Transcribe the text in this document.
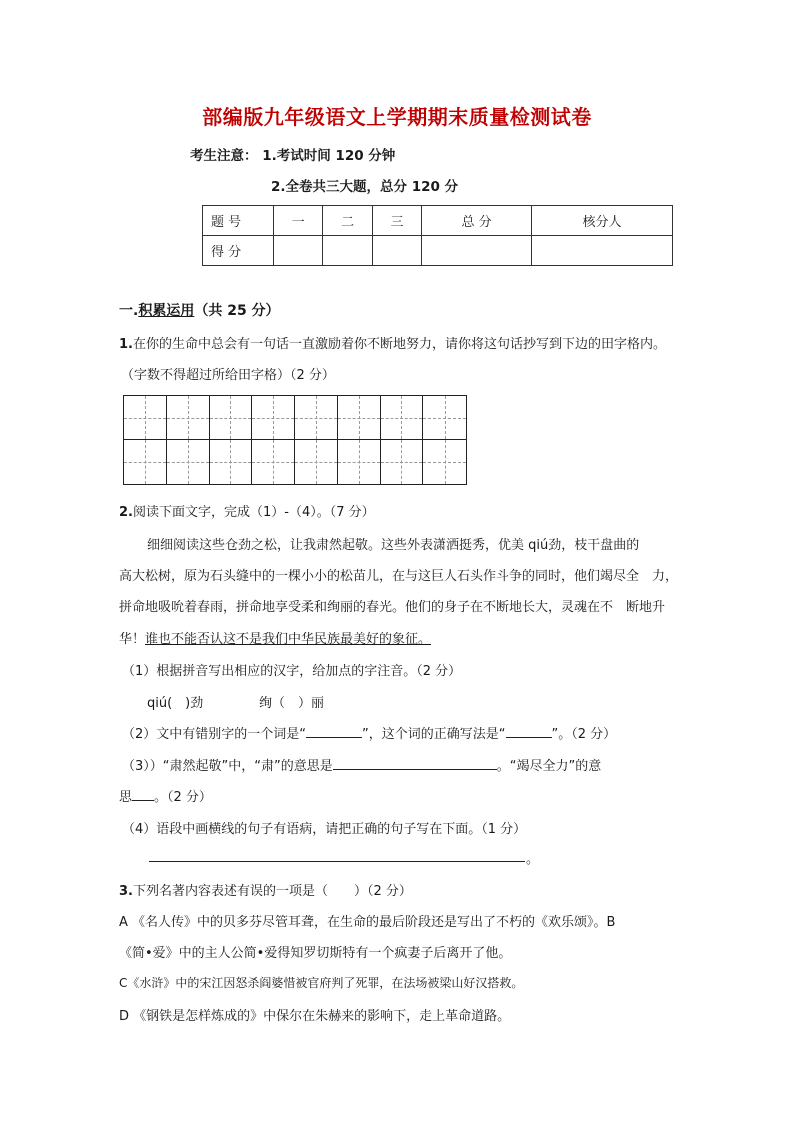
部编版九年级语文上学期期末质量检测试卷
考生注意： 1.考试时间 120 分钟
2.全卷共三大题，总分 120 分
题 号	一	二	三	总 分	核分人
得 分					
一.积累运用（共 25 分）
1.在你的生命中总会有一句话一直激励着你不断地努力，请你将这句话抄写到下边的田字格内。
（字数不得超过所给田字格）（2 分）
2.阅读下面文字，完成（1）-（4）。（7 分）
细细阅读这些仓劲之松，让我肃然起敬。这些外表潇洒挺秀，优美 qiú劲，枝干盘曲的
高大松树，原为石头缝中的一棵小小的松苗儿，在与这巨人石头作斗争的同时，他们竭尽全　力，
拼命地吸吮着春雨，拼命地享受柔和绚丽的春光。他们的身子在不断地长大，灵魂在不　断地升
华！谁也不能否认这不是我们中华民族最美好的象征。
（1）根据拼音写出相应的汉字，给加点的字注音。（2 分）
qiú(　)劲	绚（　）丽
（2）文中有错别字的一个词是“	”，这个词的正确写法是“	”。（2 分）
（3））“肃然起敬”中，“肃”的意思是	。“竭尽全力”的意
思 。（2 分）
（4）语段中画横线的句子有语病，请把正确的句子写在下面。（1 分）
。
3.下列名著内容表述有误的一项是（　　）（2 分）
A 《名人传》中的贝多芬尽管耳聋，在生命的最后阶段还是写出了不朽的《欢乐颂》。B
《简•爱》中的主人公简•爱得知罗切斯特有一个疯妻子后离开了他。
C《水浒》中的宋江因怒杀阎婆惜被官府判了死罪，在法场被梁山好汉搭救。
D 《钢铁是怎样炼成的》中保尔在朱赫来的影响下，走上革命道路。
